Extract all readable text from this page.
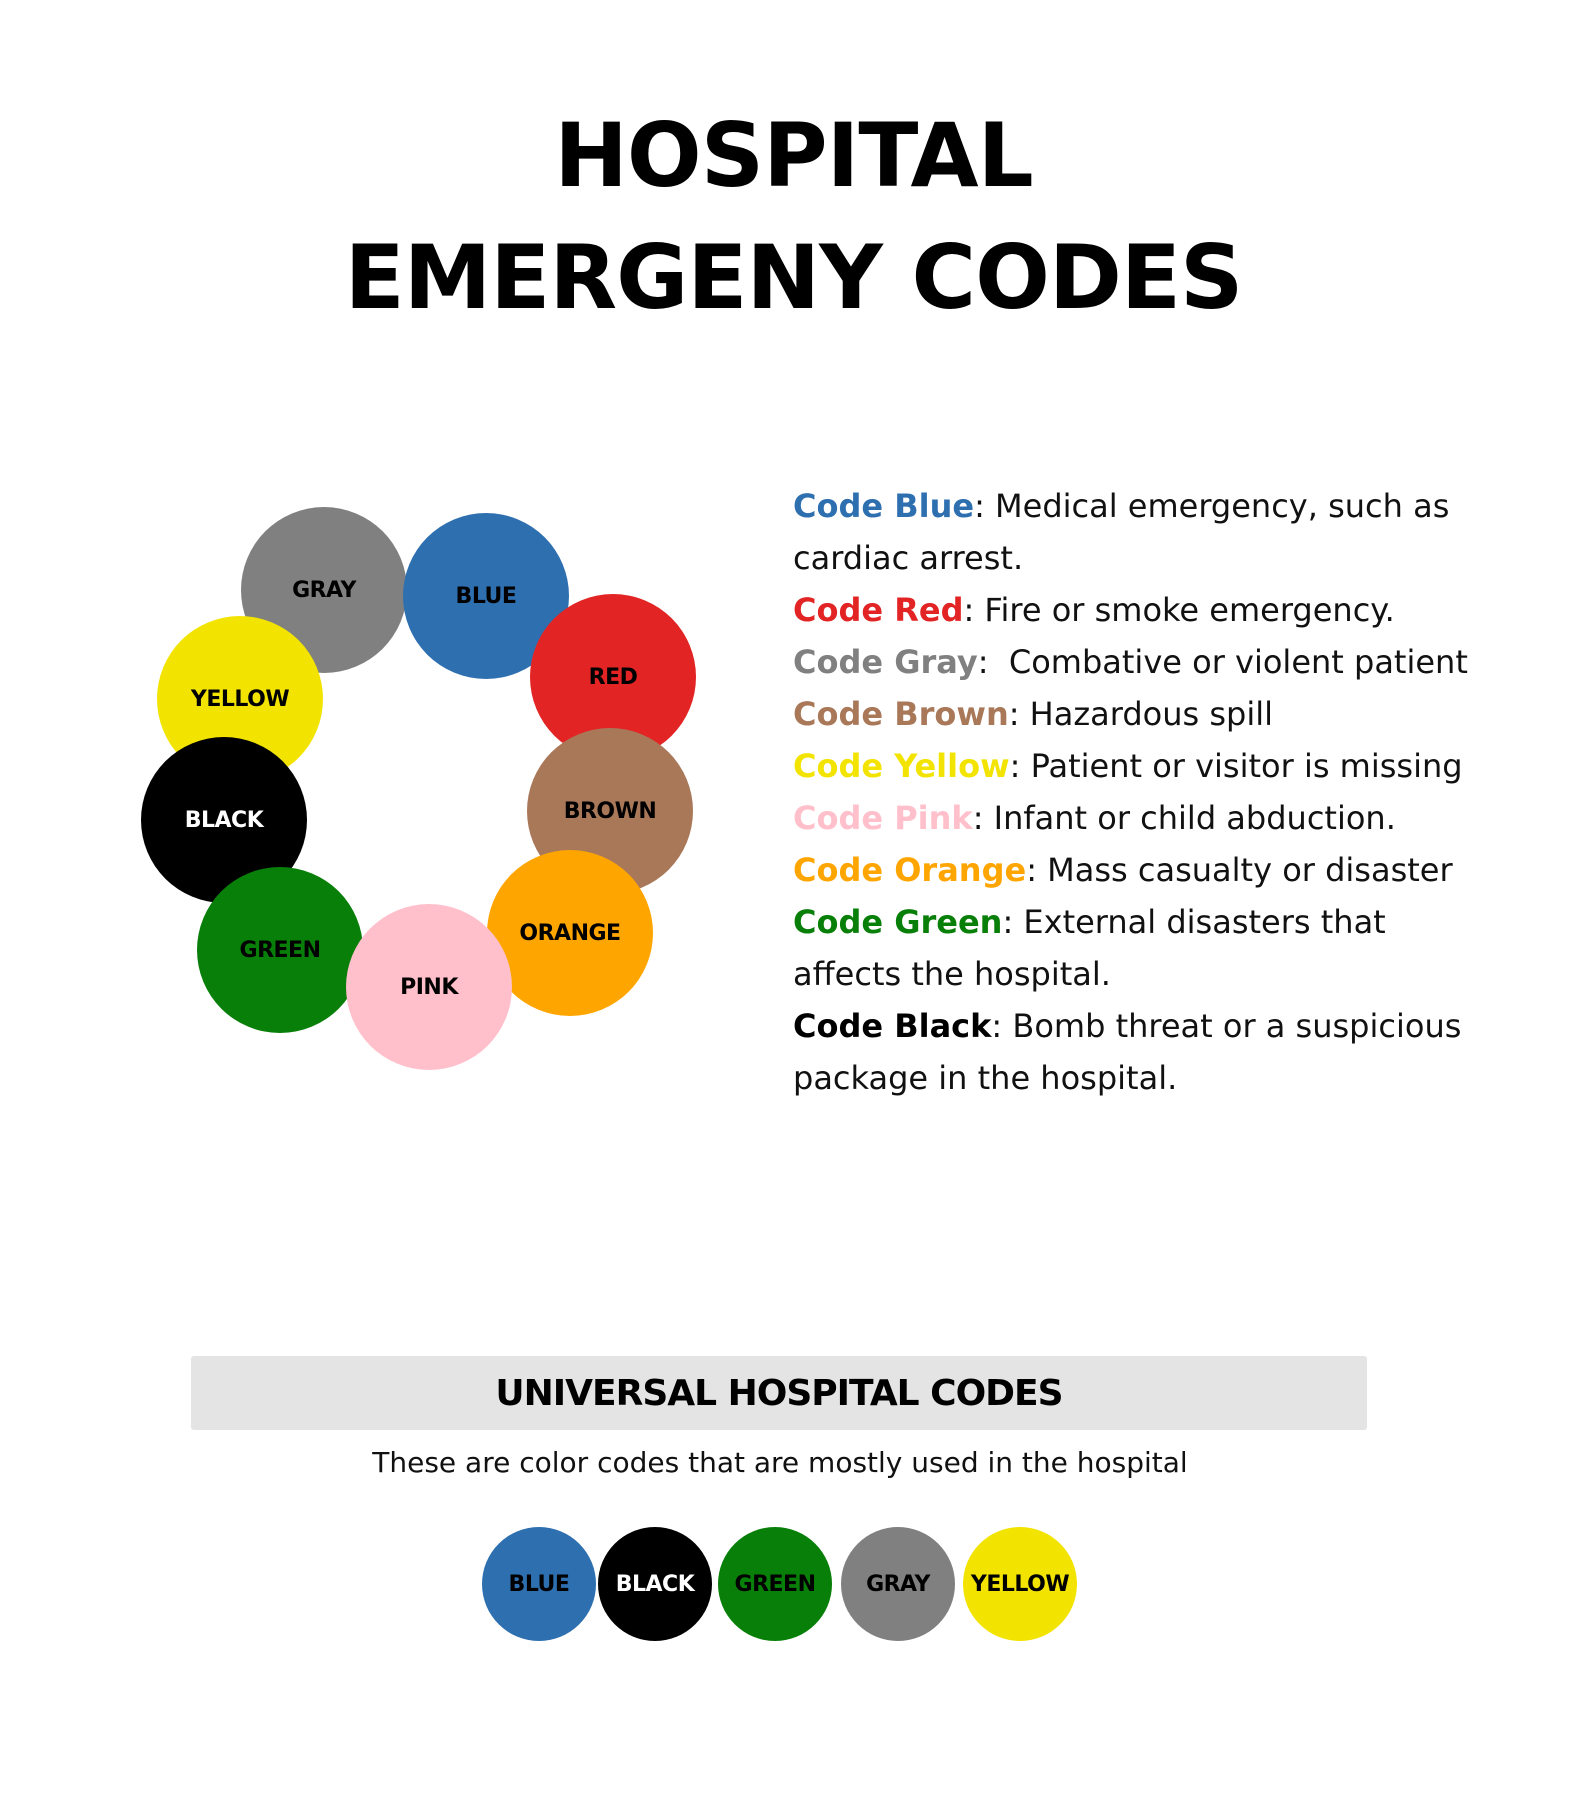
HOSPITAL
EMERGENY CODES
GRAY	BLUE
RED
YELLOW
BROWN
BLACK
ORANGE
GREEN
PINK

Code Blue: Medical emergency, such as cardiac arrest.

Code Red: Fire or smoke emergency.

Code Gray:  Combative or violent patient

Code Brown: Hazardous spill

Code Yellow: Patient or visitor is missing

Code Pink: Infant or child abduction.

Code Orange: Mass casualty or disaster

Code Green: External disasters that affects the hospital.

Code Black: Bomb threat or a suspicious package in the hospital.

UNIVERSAL HOSPITAL CODES
These are color codes that are mostly used in the hospital
BLUE BLACK GREEN GRAY YELLOW
